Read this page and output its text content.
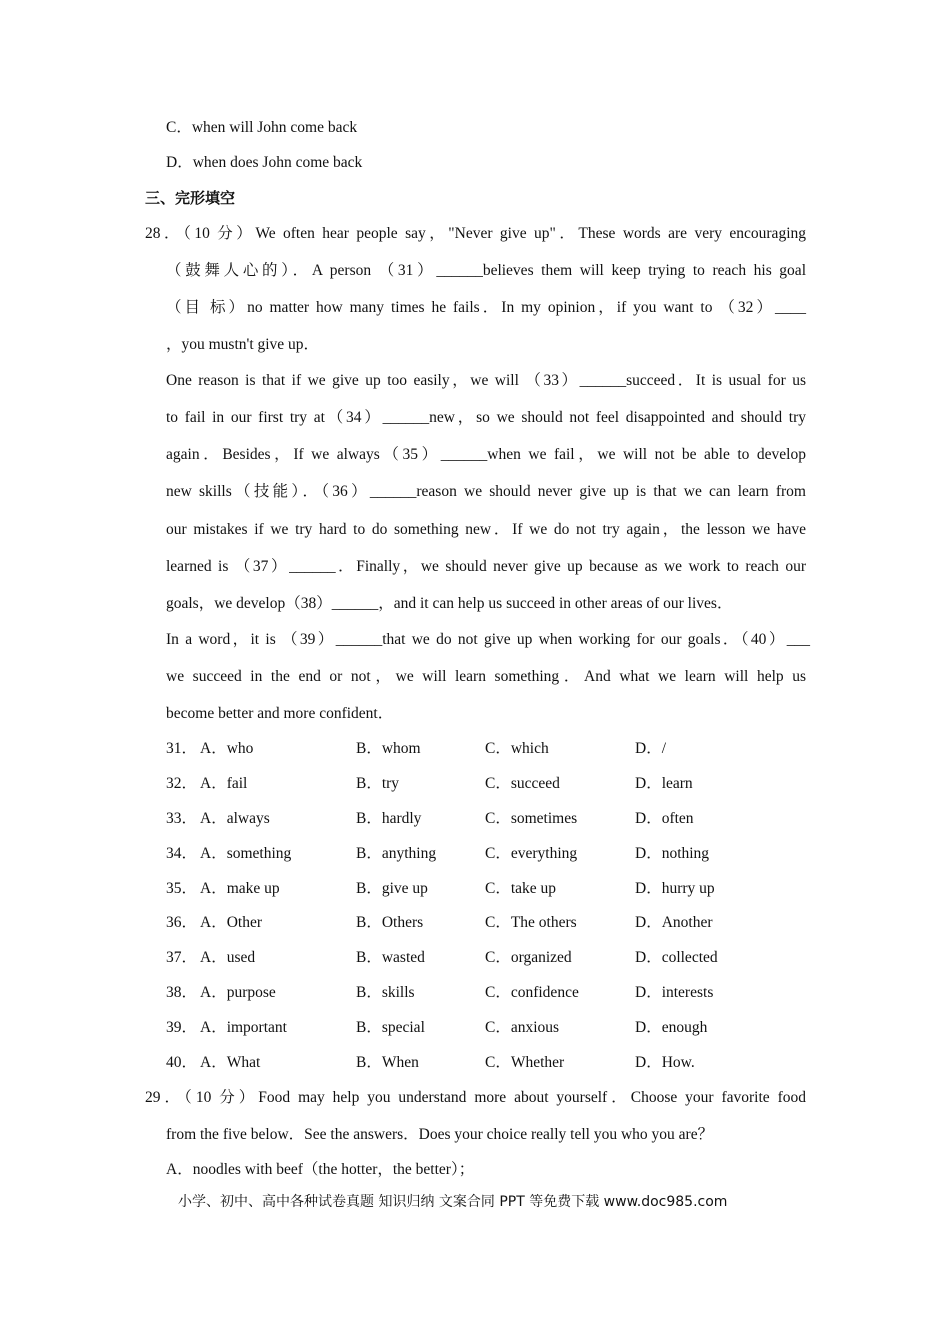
C．when will John come back
D．when does John come back
三、完形填空
28．（10 分）We often hear people say，"Never give up"．These words are very encouraging
（鼓舞人心的）．A person （31）______believes them will keep trying to reach his goal
（目 标）no matter how many times he fails．In my opinion，if you want to （32）____
，you mustn't give up．
One reason is that if we give up too easily，we will （33）______succeed．It is usual for us
to fail in our first try at（34）______new，so we should not feel disappointed and should try
again．Besides，If we always（35）______when we fail，we will not be able to develop
new skills（技能）．（36）______reason we should never give up is that we can learn from
our mistakes if we try hard to do something new．If we do not try again，the lesson we have
learned is （37）______．Finally，we should never give up because as we work to reach our
goals，we develop（38）______，and it can help us succeed in other areas of our lives．
In a word，it is （39）______that we do not give up when working for our goals．（40）___
we succeed in the end or not，we will learn something．And what we learn will help us
become better and more confident．
31． A．who	B．whom	C．which	D．/
32． A．fail	B．try	C．succeed	D．learn
33． A．always	B．hardly	C．sometimes	D．often
34． A．something	B．anything	C．everything	D．nothing
35． A．make up	B．give up	C．take up	D．hurry up
36． A．Other	B．Others	C．The others	D．Another
37． A．used	B．wasted	C．organized	D．collected
38． A．purpose	B．skills	C．confidence	D．interests
39． A．important	B．special	C．anxious	D．enough
40． A．What	B．When	C．Whether	D．How.
29．（10 分）Food may help you understand more about yourself．Choose your favorite food
from the five below．See the answers．Does your choice really tell you who you are？
A．noodles with beef（the hotter，the better）；
小学、初中、高中各种试卷真题 知识归纳 文案合同 PPT 等免费下载 www.doc985.com
